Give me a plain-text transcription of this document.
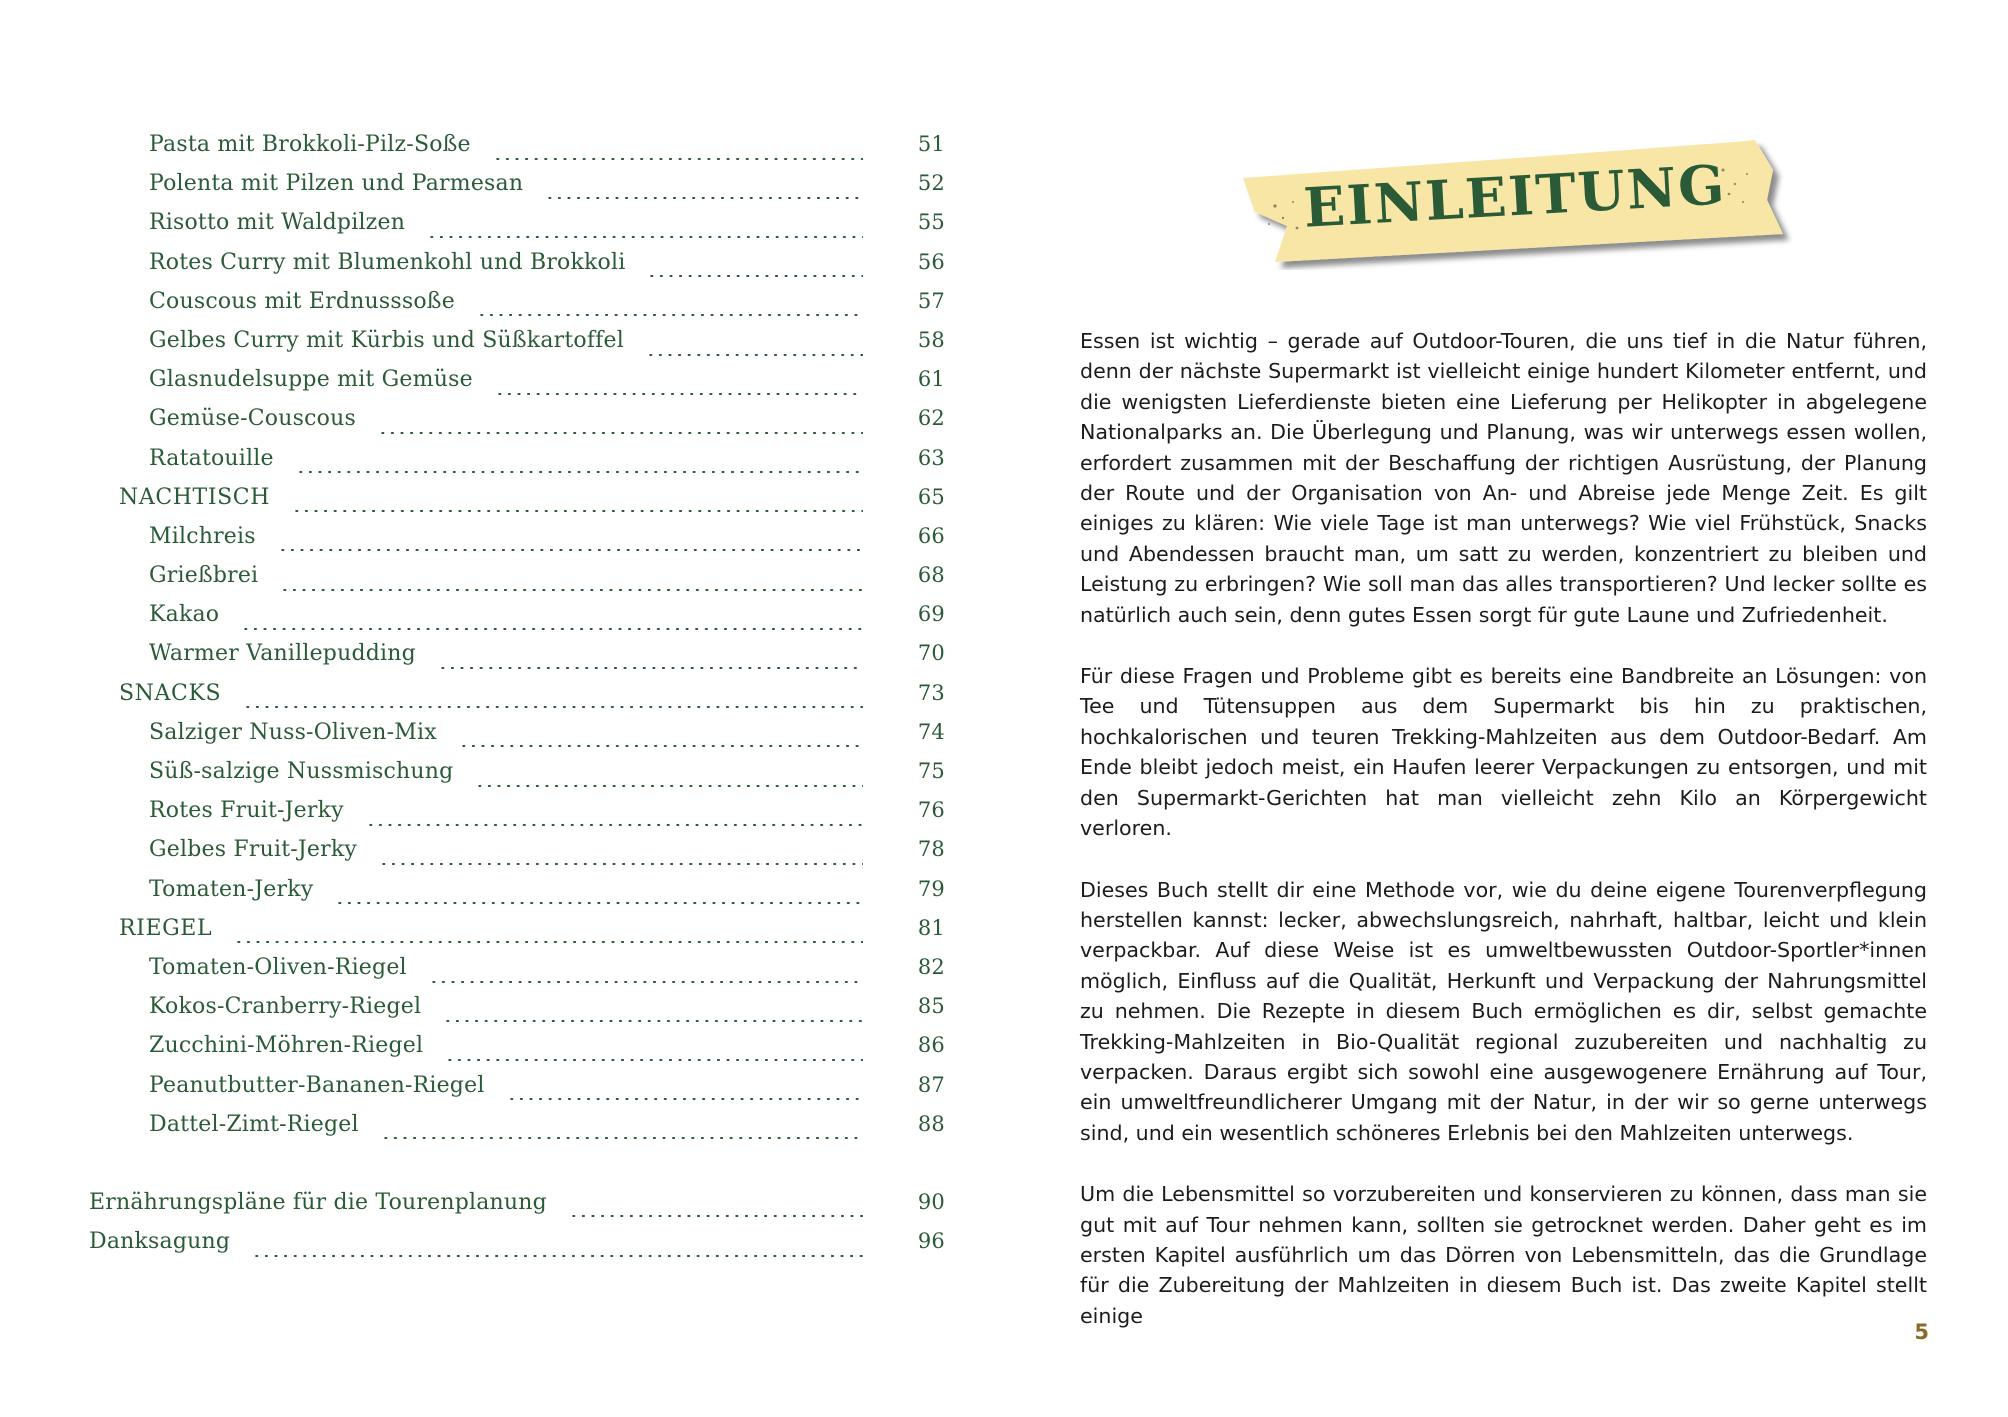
Pasta mit Brokkoli-Pilz-Soße	51
Polenta mit Pilzen und Parmesan	52
Risotto mit Waldpilzen	55
Rotes Curry mit Blumenkohl und Brokkoli	56
Couscous mit Erdnusssoße	57
Gelbes Curry mit Kürbis und Süßkartoffel	58
Glasnudelsuppe mit Gemüse	61
Gemüse-Couscous	62
Ratatouille	63
NACHTISCH	65
Milchreis	66
Grießbrei	68
Kakao	69
Warmer Vanillepudding	70
SNACKS	73
Salziger Nuss-Oliven-Mix	74
Süß-salzige Nussmischung	75
Rotes Fruit-Jerky	76
Gelbes Fruit-Jerky	78
Tomaten-Jerky	79
RIEGEL	81
Tomaten-Oliven-Riegel	82
Kokos-Cranberry-Riegel	85
Zucchini-Möhren-Riegel	86
Peanutbutter-Bananen-Riegel	87
Dattel-Zimt-Riegel	88
Ernährungspläne für die Tourenplanung	90
Danksagung	96
EINLEITUNG

Essen ist wichtig – gerade auf Outdoor-Touren, die uns tief in die Natur führen, denn der nächste Supermarkt ist vielleicht einige hundert Kilometer entfernt, und die wenigsten Lieferdienste bieten eine Lieferung per Helikopter in abgelegene Nationalparks an. Die Überlegung und Planung, was wir unterwegs essen wollen, erfordert zusammen mit der Beschaffung der richtigen Ausrüstung, der Planung der Route und der Organisation von An- und Abreise jede Menge Zeit. Es gilt einiges zu klären: Wie viele Tage ist man unterwegs? Wie viel Frühstück, Snacks und Abendessen braucht man, um satt zu werden, konzentriert zu bleiben und Leistung zu erbringen? Wie soll man das alles transportieren? Und lecker sollte es natürlich auch sein, denn gutes Essen sorgt für gute Laune und Zufriedenheit.

Für diese Fragen und Probleme gibt es bereits eine Bandbreite an Lösungen: von Tee und Tütensuppen aus dem Supermarkt bis hin zu praktischen, hochkalorischen und teuren Trekking-Mahlzeiten aus dem Outdoor-Bedarf. Am Ende bleibt jedoch meist, ein Haufen leerer Verpackungen zu entsorgen, und mit den Supermarkt-Gerichten hat man vielleicht zehn Kilo an Körpergewicht verloren.

Dieses Buch stellt dir eine Methode vor, wie du deine eigene Tourenverpflegung herstellen kannst: lecker, abwechslungsreich, nahrhaft, haltbar, leicht und klein verpackbar. Auf diese Weise ist es umweltbewussten Outdoor-Sportler*innen möglich, Einfluss auf die Qualität, Herkunft und Verpackung der Nahrungsmittel zu nehmen. Die Rezepte in diesem Buch ermöglichen es dir, selbst gemachte Trekking-Mahlzeiten in Bio-Qualität regional zuzubereiten und nachhaltig zu verpacken. Daraus ergibt sich sowohl eine ausgewogenere Ernährung auf Tour, ein umweltfreundlicherer Umgang mit der Natur, in der wir so gerne unterwegs sind, und ein wesentlich schöneres Erlebnis bei den Mahlzeiten unterwegs.

Um die Lebensmittel so vorzubereiten und konservieren zu können, dass man sie gut mit auf Tour nehmen kann, sollten sie getrocknet werden. Daher geht es im ersten Kapitel ausführlich um das Dörren von Lebensmitteln, das die Grundlage für die Zubereitung der Mahlzeiten in diesem Buch ist. Das zweite Kapitel stellt einige

5
